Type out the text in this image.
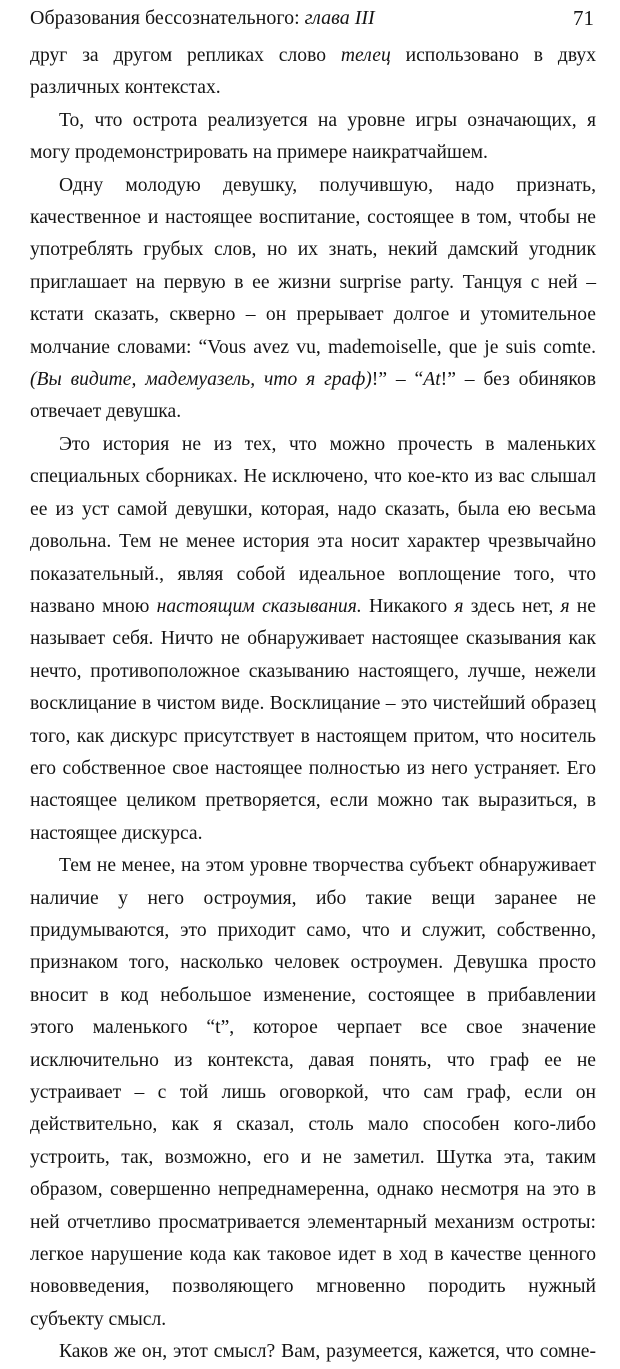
Образования бессознательного: глава III	71

друг за другом репликах слово телец использовано в двух различных контекстах.

То, что острота реализуется на уровне игры означающих, я могу продемонстрировать на примере наикратчайшем.

Одну молодую девушку, получившую, надо признать, качественное и настоящее воспитание, состоящее в том, чтобы не употреблять грубых слов, но их знать, некий дамский угодник приглашает на первую в ее жизни surprise party. Танцуя с ней – кстати сказать, скверно – он прерывает долгое и утомительное молчание словами: “Vous avez vu, mademoiselle, que je suis comte. (Вы видите, мадемуазель, что я граф)!” – “At!” – без обиняков отвечает девушка.

Это история не из тех, что можно прочесть в маленьких специальных сборниках. Не исключено, что кое-кто из вас слышал ее из уст самой девушки, которая, надо сказать, была ею весьма довольна. Тем не менее история эта носит характер чрезвычайно показательный., являя собой идеальное воплощение того, что названо мною настоящим сказывания. Никакого я здесь нет, я не называет себя. Ничто не обнаруживает настоящее сказывания как нечто, противоположное сказыванию настоящего, лучше, нежели восклицание в чистом виде. Восклицание – это чистейший образец того, как дискурс присутствует в настоящем притом, что носитель его собственное свое настоящее полностью из него устраняет. Его настоящее целиком претворяется, если можно так выразиться, в настоящее дискурса.

Тем не менее, на этом уровне творчества субъект обнаруживает наличие у него остроумия, ибо такие вещи заранее не придумываются, это приходит само, что и служит, собственно, признаком того, насколько человек остроумен. Девушка просто вносит в код небольшое изменение, состоящее в прибавлении этого маленького “t”, которое черпает все свое значение исключительно из контекста, давая понять, что граф ее не устраивает – с той лишь оговоркой, что сам граф, если он действительно, как я сказал, столь мало способен кого-либо устроить, так, возможно, его и не заметил. Шутка эта, таким образом, совершенно непреднамеренна, однако несмотря на это в ней отчетливо просматривается элементарный механизм остроты: легкое нарушение кода как таковое идет в ход в качестве ценного нововведения, позволяющего мгновенно породить нужный субъекту смысл.

Каков же он, этот смысл? Вам, разумеется, кажется, что сомне-
